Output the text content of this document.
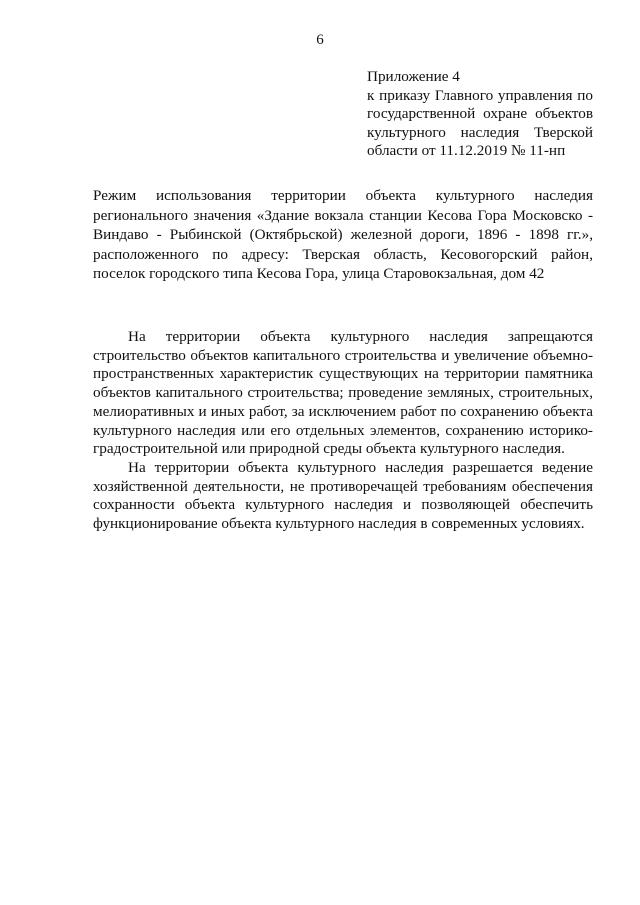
6
Приложение 4
к приказу Главного управления по
государственной охране объектов
культурного наследия Тверской
области от 11.12.2019 № 11-нп
Режим использования территории объекта культурного наследия
регионального значения «Здание вокзала станции Кесова Гора Московско -
Виндаво - Рыбинской (Октябрьской) железной дороги, 1896 - 1898 гг.»,
расположенного по адресу: Тверская область, Кесовогорский район,
поселок городского типа Кесова Гора, улица Старовокзальная, дом 42
На территории объекта культурного наследия запрещаются
строительство объектов капитального строительства и увеличение объемно-
пространственных характеристик существующих на территории памятника
объектов капитального строительства; проведение земляных, строительных,
мелиоративных и иных работ, за исключением работ по сохранению объекта
культурного наследия или его отдельных элементов, сохранению историко-
градостроительной или природной среды объекта культурного наследия.
На территории объекта культурного наследия разрешается ведение
хозяйственной деятельности, не противоречащей требованиям обеспечения
сохранности объекта культурного наследия и позволяющей обеспечить
функционирование объекта культурного наследия в современных условиях.
